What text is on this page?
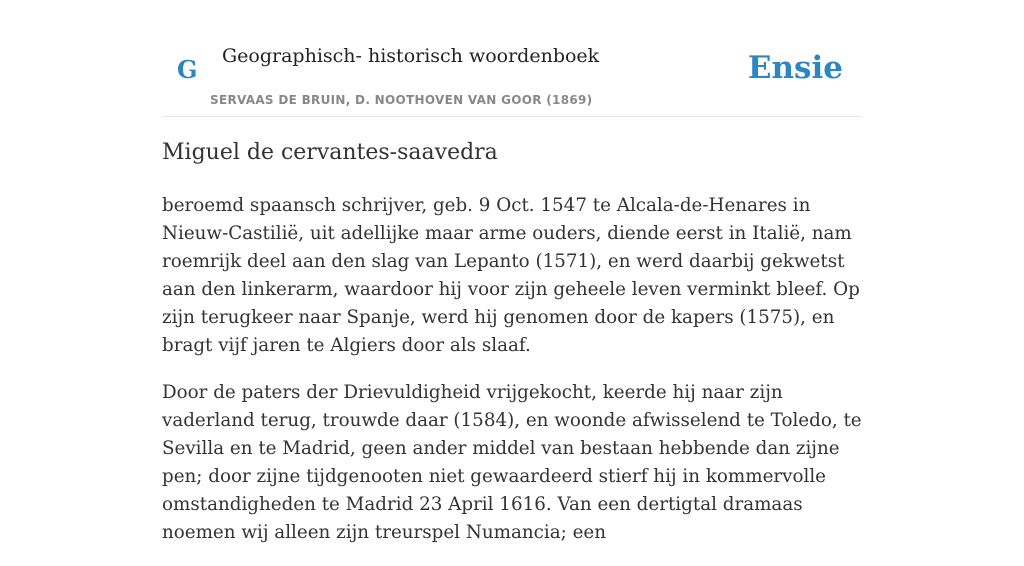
G Geographisch- historisch woordenboek
SERVAAS DE BRUIN, D. NOOTHOVEN VAN GOOR (1869)
Ensie
Miguel de cervantes-saavedra

beroemd spaansch schrijver, geb. 9 Oct. 1547 te Alcala-de-Henares in Nieuw-Castilië, uit adellijke maar arme ouders, diende eerst in Italië, nam roemrijk deel aan den slag van Lepanto (1571), en werd daarbij gekwetst aan den linkerarm, waardoor hij voor zijn geheele leven verminkt bleef. Op zijn terugkeer naar Spanje, werd hij genomen door de kapers (1575), en bragt vijf jaren te Algiers door als slaaf.

Door de paters der Drievuldigheid vrijgekocht, keerde hij naar zijn vaderland terug, trouwde daar (1584), en woonde afwisselend te Toledo, te Sevilla en te Madrid, geen ander middel van bestaan hebbende dan zijne pen; door zijne tijdgenooten niet gewaardeerd stierf hij in kommervolle omstandigheden te Madrid 23 April 1616. Van een dertigtal dramaas noemen wij alleen zijn treurspel Numancia; een
